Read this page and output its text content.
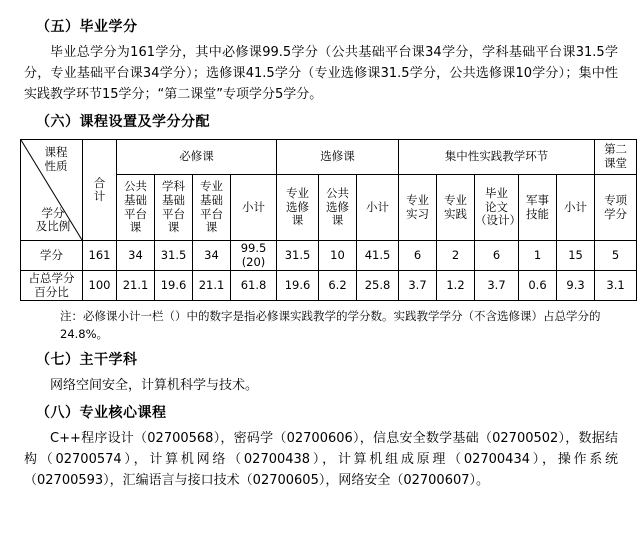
（五）毕业学分
毕业总学分为161学分，其中必修课99.5学分（公共基础平台课34学分，学科基础平台课31.5学分，专业基础平台课34学分）；选修课41.5学分（专业选修课31.5学分，公共选修课10学分）；集中性实践教学环节15学分；“第二课堂”专项学分5学分。
（六）课程设置及学分分配
课程
性质
学分
及比例
	合
计	必修课	选修课	集中性实践教学环节	第二
课堂
		公共
基础
平台
课	学科
基础
平台
课	专业
基础
平台
课	小计	专业
选修
课	公共
选修
课	小计	专业
实习	专业
实践	毕业
论文
（设计）	军事
技能	小计	专项
学分
学分	161	34	31.5	34	99.5
(20)	31.5	10	41.5	6	2	6	1	15	5
占总学分
百分比	100	21.1	19.6	21.1	61.8	19.6	6.2	25.8	3.7	1.2	3.7	0.6	9.3	3.1
注：必修课小计一栏（）中的数字是指必修课实践教学的学分数。实践教学学分（不含选修课）占总学分的24.8%。
（七）主干学科
网络空间安全，计算机科学与技术。
（八）专业核心课程
C++程序设计（02700568），密码学（02700606），信息安全数学基础（02700502），数据结构（02700574），计算机网络（02700438），计算机组成原理（02700434），操作系统（02700593），汇编语言与接口技术（02700605），网络安全（02700607）。
